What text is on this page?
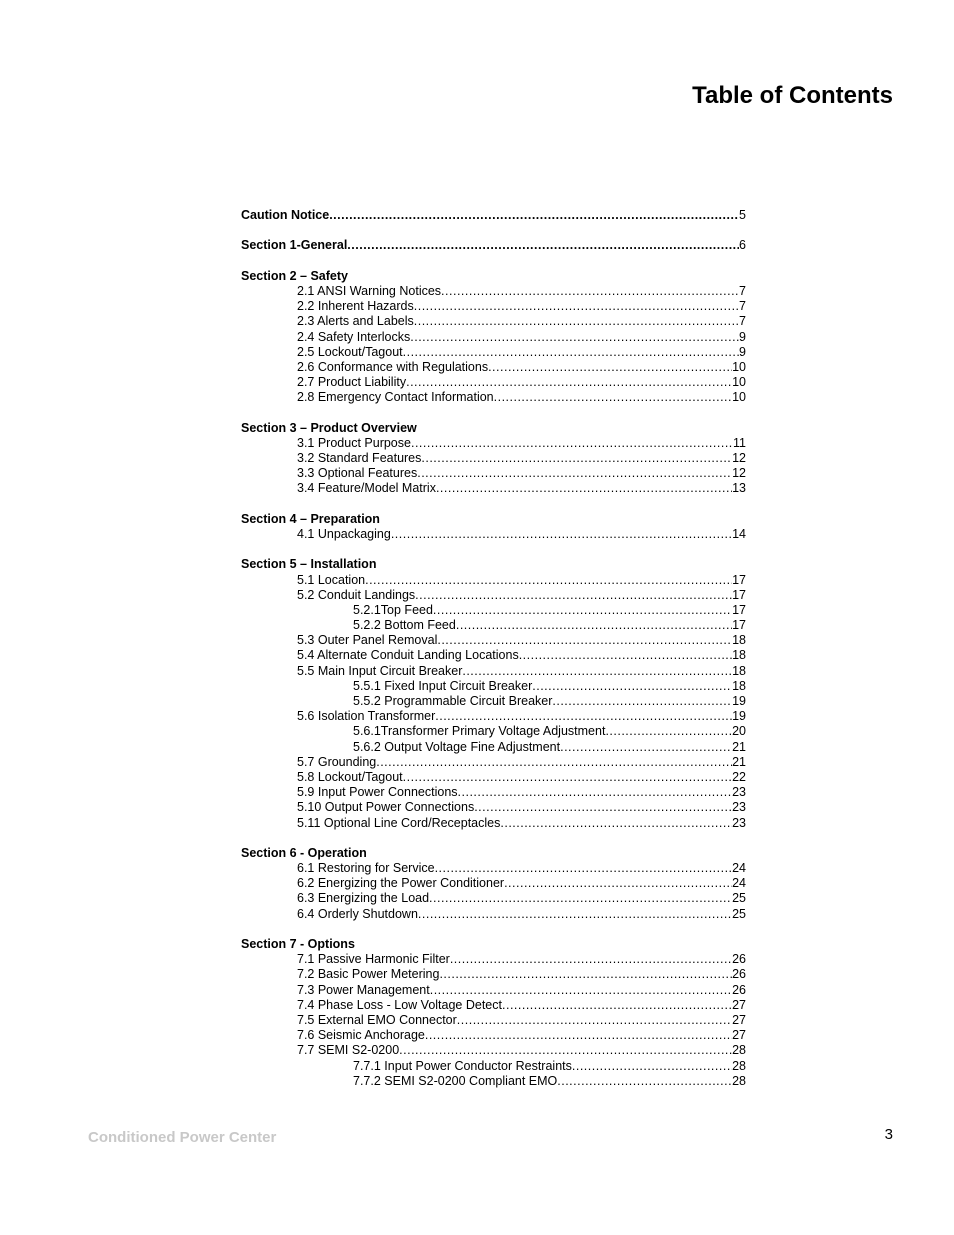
Table of Contents
Caution Notice .....	5
Section 1-General .....	6
Section 2 – Safety
2.1 ANSI Warning Notices .....	7
2.2 Inherent Hazards .....	7
2.3 Alerts and Labels .....	7
2.4 Safety Interlocks .....	9
2.5 Lockout/Tagout .....	9
2.6 Conformance with Regulations .....	10
2.7 Product Liability .....	10
2.8 Emergency Contact Information .....	10
Section 3 – Product Overview
3.1 Product Purpose .....	11
3.2 Standard Features .....	12
3.3 Optional Features .....	12
3.4 Feature/Model Matrix .....	13
Section 4 – Preparation
4.1 Unpackaging .....	14
Section 5 – Installation
5.1 Location .....	17
5.2 Conduit Landings .....	17
5.2.1Top Feed .....	17
5.2.2 Bottom Feed .....	17
5.3 Outer Panel Removal .....	18
5.4 Alternate Conduit Landing Locations .....	18
5.5 Main Input Circuit Breaker .....	18
5.5.1 Fixed Input Circuit Breaker .....	18
5.5.2 Programmable Circuit Breaker .....	19
5.6 Isolation Transformer .....	19
5.6.1Transformer Primary Voltage Adjustment .....	20
5.6.2 Output Voltage Fine Adjustment .....	21
5.7 Grounding .....	21
5.8 Lockout/Tagout .....	22
5.9 Input Power Connections .....	23
5.10 Output Power Connections .....	23
5.11 Optional Line Cord/Receptacles .....	23
Section 6 - Operation
6.1 Restoring for Service .....	24
6.2 Energizing the Power Conditioner .....	24
6.3 Energizing the Load .....	25
6.4 Orderly Shutdown .....	25
Section 7 - Options
7.1 Passive Harmonic Filter .....	26
7.2 Basic Power Metering .....	26
7.3 Power Management .....	26
7.4 Phase Loss - Low Voltage Detect .....	27
7.5 External EMO Connector .....	27
7.6 Seismic Anchorage .....	27
7.7 SEMI S2-0200 .....	28
7.7.1 Input Power Conductor Restraints .....	28
7.7.2 SEMI S2-0200 Compliant EMO .....	28
Conditioned Power Center	3
